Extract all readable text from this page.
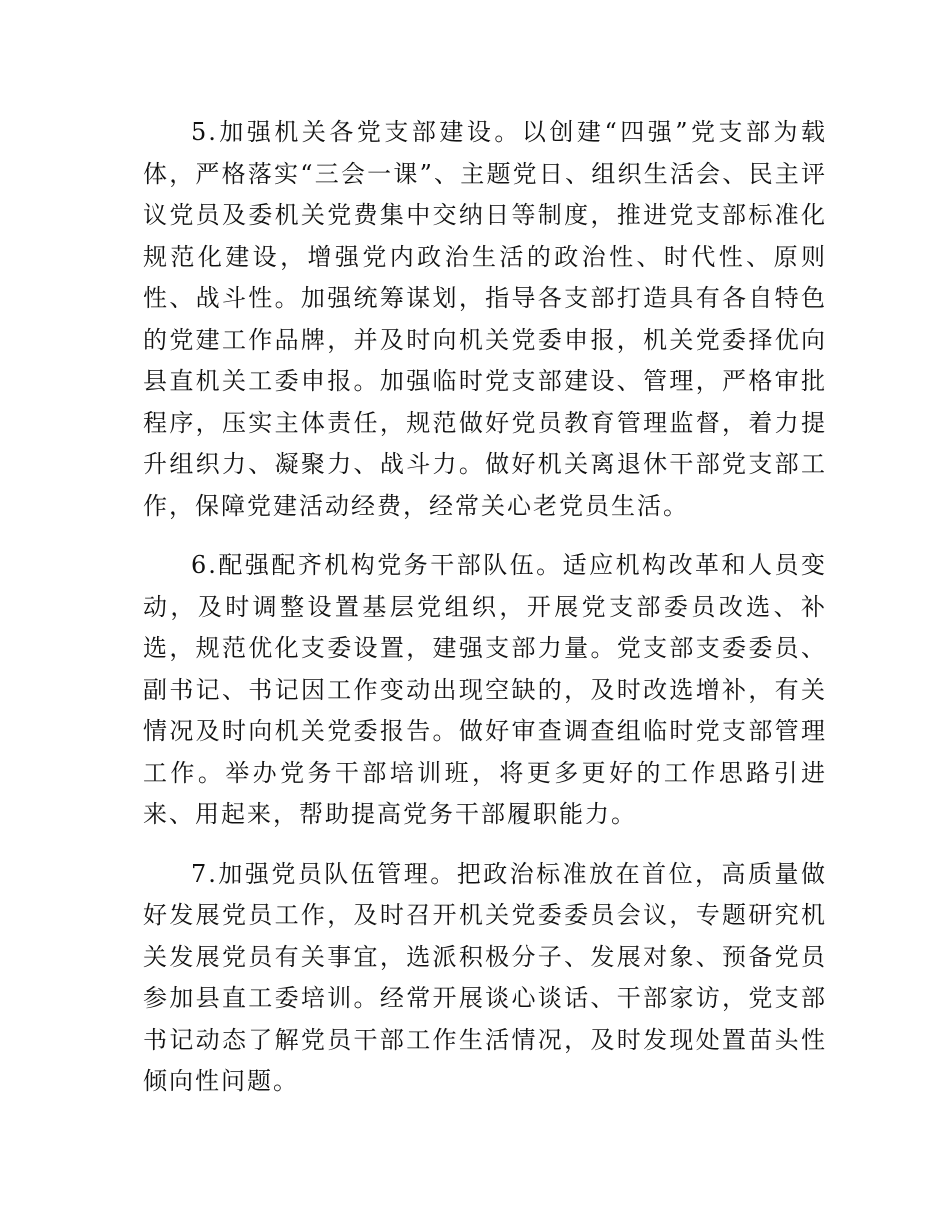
5.加强机关各党支部建设。以创建“四强”党支部为载体，严格落实“三会一课”、主题党日、组织生活会、民主评议党员及委机关党费集中交纳日等制度，推进党支部标准化规范化建设，增强党内政治生活的政治性、时代性、原则性、战斗性。加强统筹谋划，指导各支部打造具有各自特色的党建工作品牌，并及时向机关党委申报，机关党委择优向县直机关工委申报。加强临时党支部建设、管理，严格审批程序，压实主体责任，规范做好党员教育管理监督，着力提升组织力、凝聚力、战斗力。做好机关离退休干部党支部工作，保障党建活动经费，经常关心老党员生活。

6.配强配齐机构党务干部队伍。适应机构改革和人员变动，及时调整设置基层党组织，开展党支部委员改选、补选，规范优化支委设置，建强支部力量。党支部支委委员、副书记、书记因工作变动出现空缺的，及时改选增补，有关情况及时向机关党委报告。做好审查调查组临时党支部管理工作。举办党务干部培训班，将更多更好的工作思路引进来、用起来，帮助提高党务干部履职能力。

7.加强党员队伍管理。把政治标准放在首位，高质量做好发展党员工作，及时召开机关党委委员会议，专题研究机关发展党员有关事宜，选派积极分子、发展对象、预备党员参加县直工委培训。经常开展谈心谈话、干部家访，党支部书记动态了解党员干部工作生活情况，及时发现处置苗头性倾向性问题。
